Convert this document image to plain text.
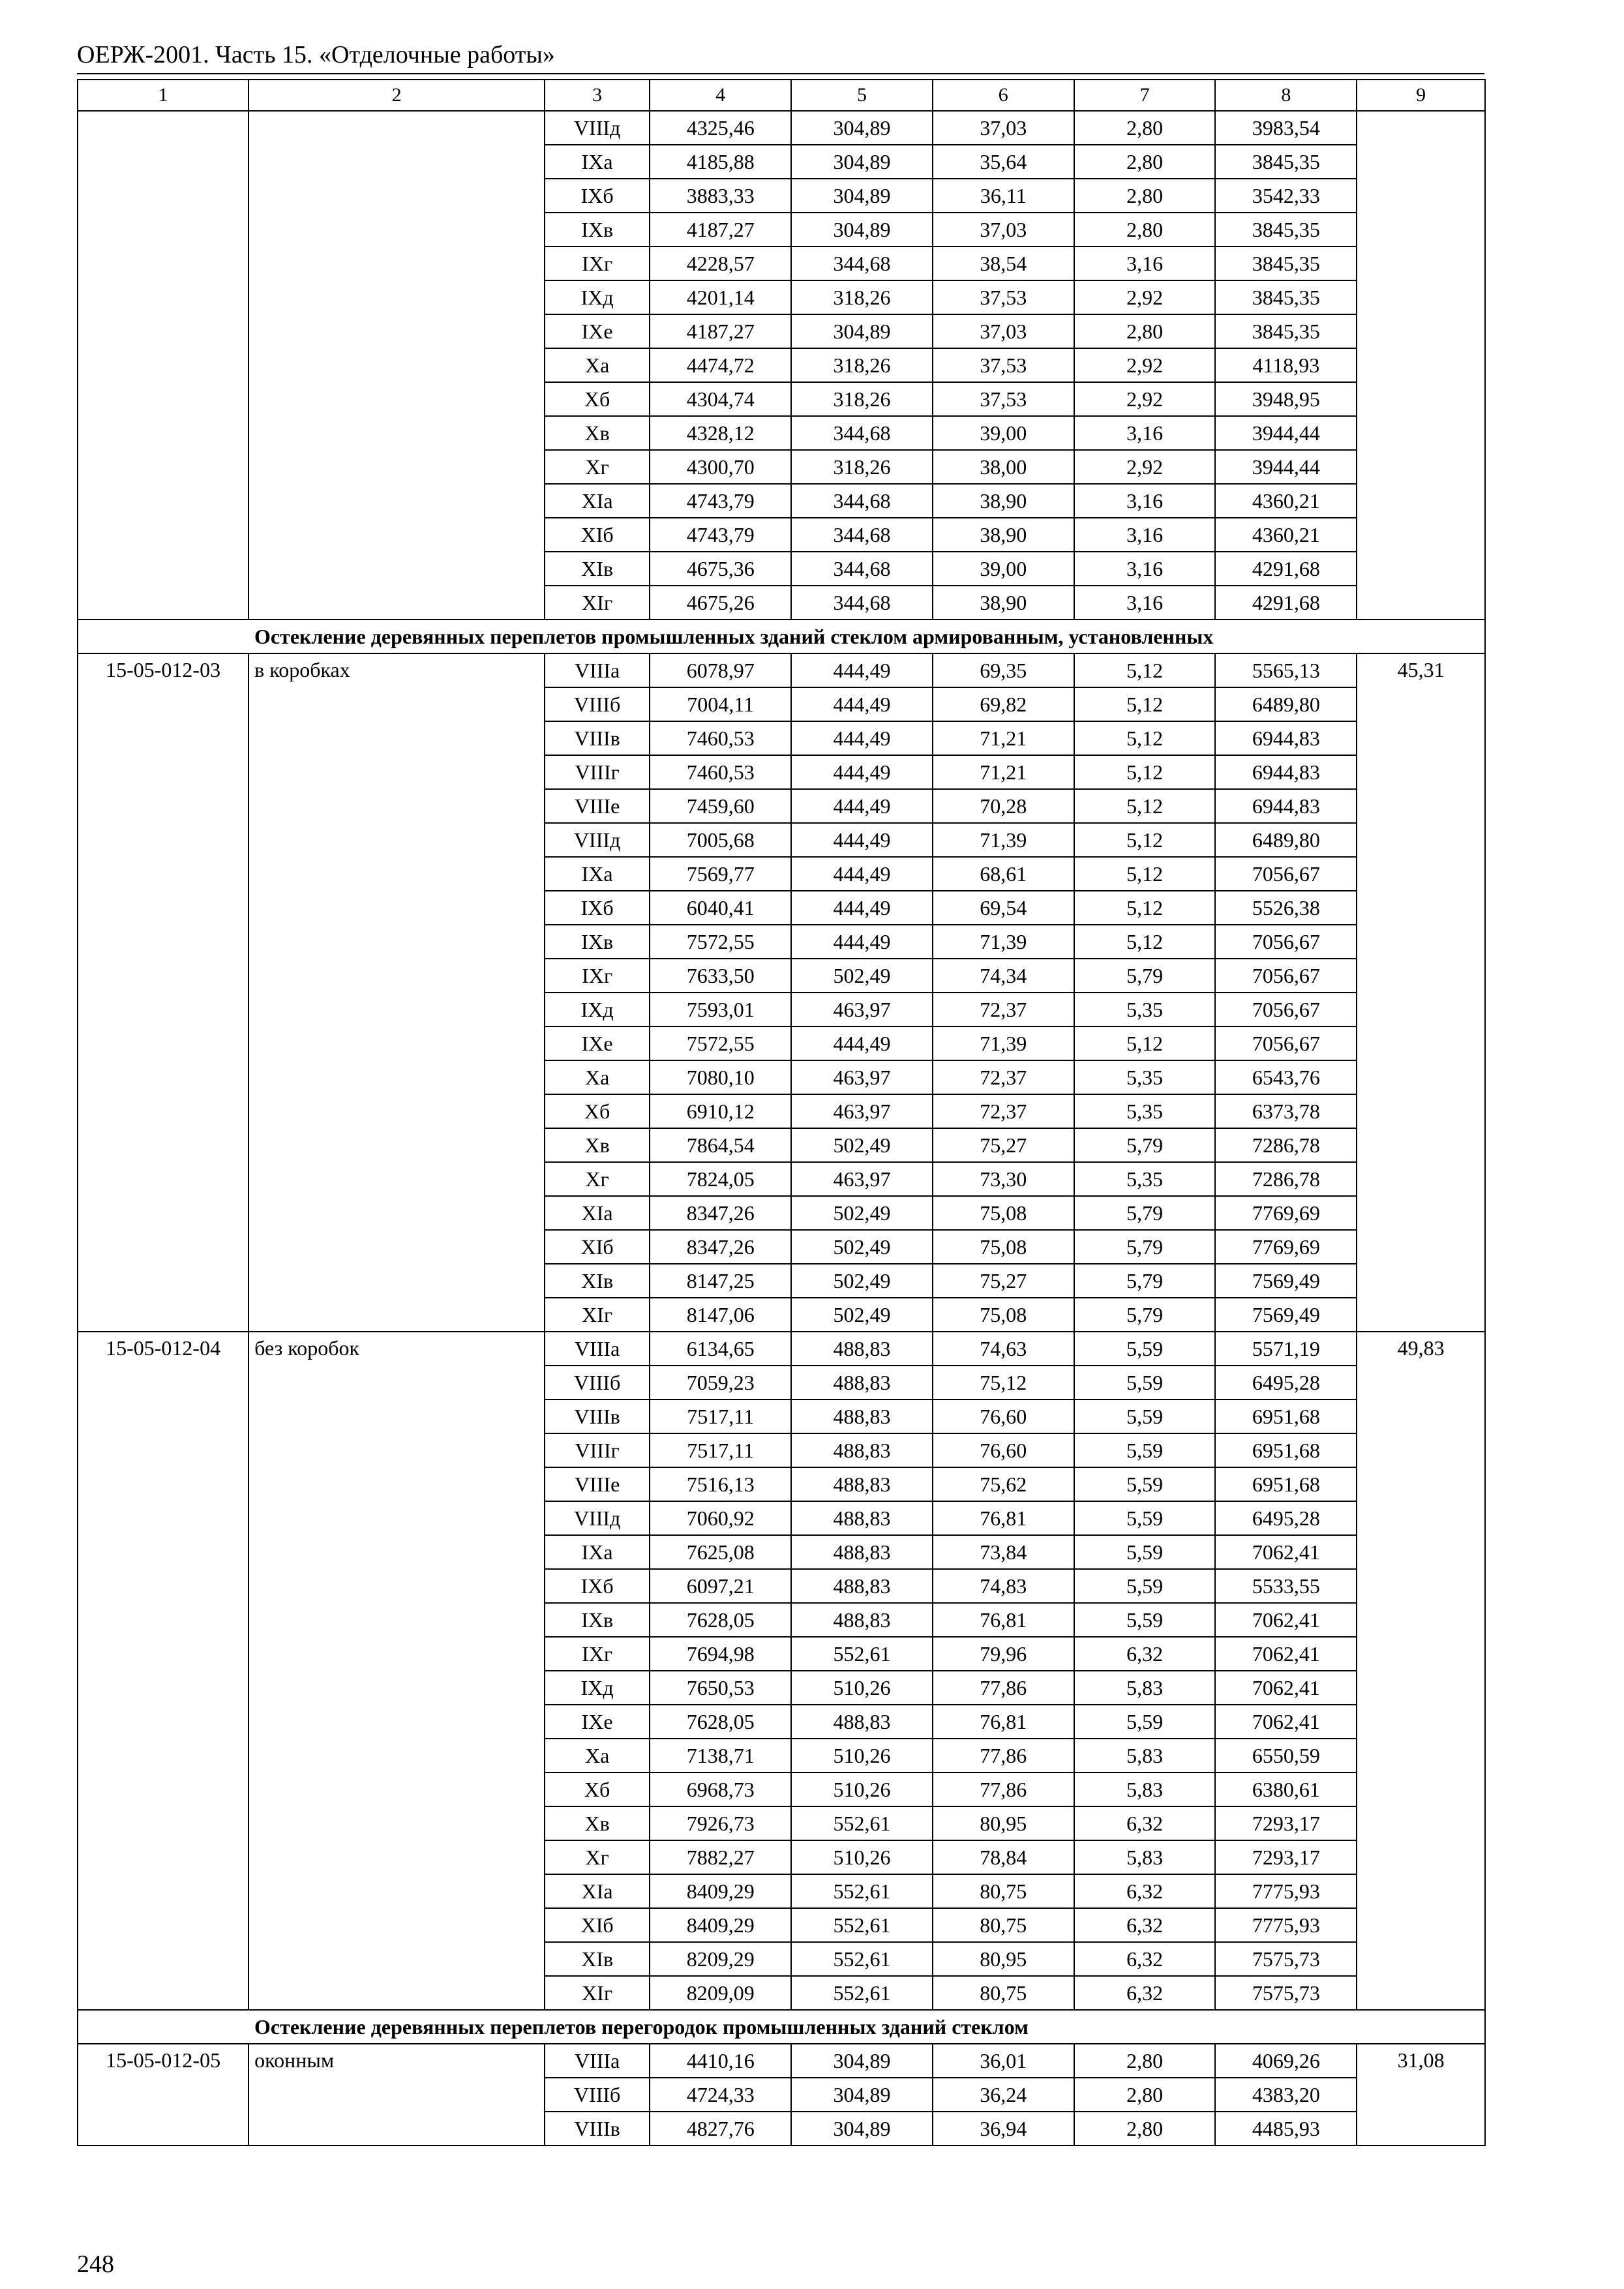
ОЕРЖ-2001. Часть 15. «Отделочные работы»
1	2	3	4	5	6	7	8	9
		VIIIд	4325,46	304,89	37,03	2,80	3983,54	
		IXа	4185,88	304,89	35,64	2,80	3845,35	
		IXб	3883,33	304,89	36,11	2,80	3542,33	
		IXв	4187,27	304,89	37,03	2,80	3845,35	
		IXг	4228,57	344,68	38,54	3,16	3845,35	
		IXд	4201,14	318,26	37,53	2,92	3845,35	
		IXе	4187,27	304,89	37,03	2,80	3845,35	
		Xа	4474,72	318,26	37,53	2,92	4118,93	
		Xб	4304,74	318,26	37,53	2,92	3948,95	
		Xв	4328,12	344,68	39,00	3,16	3944,44	
		Xг	4300,70	318,26	38,00	2,92	3944,44	
		XIа	4743,79	344,68	38,90	3,16	4360,21	
		XIб	4743,79	344,68	38,90	3,16	4360,21	
		XIв	4675,36	344,68	39,00	3,16	4291,68	
		XIг	4675,26	344,68	38,90	3,16	4291,68	
Остекление деревянных переплетов промышленных зданий стеклом армированным, установленных								
15-05-012-03	в коробках	VIIIа	6078,97	444,49	69,35	5,12	5565,13	45,31
		VIIIб	7004,11	444,49	69,82	5,12	6489,80	
		VIIIв	7460,53	444,49	71,21	5,12	6944,83	
		VIIIг	7460,53	444,49	71,21	5,12	6944,83	
		VIIIе	7459,60	444,49	70,28	5,12	6944,83	
		VIIIд	7005,68	444,49	71,39	5,12	6489,80	
		IXа	7569,77	444,49	68,61	5,12	7056,67	
		IXб	6040,41	444,49	69,54	5,12	5526,38	
		IXв	7572,55	444,49	71,39	5,12	7056,67	
		IXг	7633,50	502,49	74,34	5,79	7056,67	
		IXд	7593,01	463,97	72,37	5,35	7056,67	
		IXе	7572,55	444,49	71,39	5,12	7056,67	
		Xа	7080,10	463,97	72,37	5,35	6543,76	
		Xб	6910,12	463,97	72,37	5,35	6373,78	
		Xв	7864,54	502,49	75,27	5,79	7286,78	
		Xг	7824,05	463,97	73,30	5,35	7286,78	
		XIа	8347,26	502,49	75,08	5,79	7769,69	
		XIб	8347,26	502,49	75,08	5,79	7769,69	
		XIв	8147,25	502,49	75,27	5,79	7569,49	
		XIг	8147,06	502,49	75,08	5,79	7569,49	
15-05-012-04	без коробок	VIIIа	6134,65	488,83	74,63	5,59	5571,19	49,83
		VIIIб	7059,23	488,83	75,12	5,59	6495,28	
		VIIIв	7517,11	488,83	76,60	5,59	6951,68	
		VIIIг	7517,11	488,83	76,60	5,59	6951,68	
		VIIIе	7516,13	488,83	75,62	5,59	6951,68	
		VIIIд	7060,92	488,83	76,81	5,59	6495,28	
		IXа	7625,08	488,83	73,84	5,59	7062,41	
		IXб	6097,21	488,83	74,83	5,59	5533,55	
		IXв	7628,05	488,83	76,81	5,59	7062,41	
		IXг	7694,98	552,61	79,96	6,32	7062,41	
		IXд	7650,53	510,26	77,86	5,83	7062,41	
		IXе	7628,05	488,83	76,81	5,59	7062,41	
		Xа	7138,71	510,26	77,86	5,83	6550,59	
		Xб	6968,73	510,26	77,86	5,83	6380,61	
		Xв	7926,73	552,61	80,95	6,32	7293,17	
		Xг	7882,27	510,26	78,84	5,83	7293,17	
		XIа	8409,29	552,61	80,75	6,32	7775,93	
		XIб	8409,29	552,61	80,75	6,32	7775,93	
		XIв	8209,29	552,61	80,95	6,32	7575,73	
		XIг	8209,09	552,61	80,75	6,32	7575,73	
Остекление деревянных переплетов перегородок промышленных зданий стеклом								
15-05-012-05	оконным	VIIIа	4410,16	304,89	36,01	2,80	4069,26	31,08
		VIIIб	4724,33	304,89	36,24	2,80	4383,20	
		VIIIв	4827,76	304,89	36,94	2,80	4485,93	
248
